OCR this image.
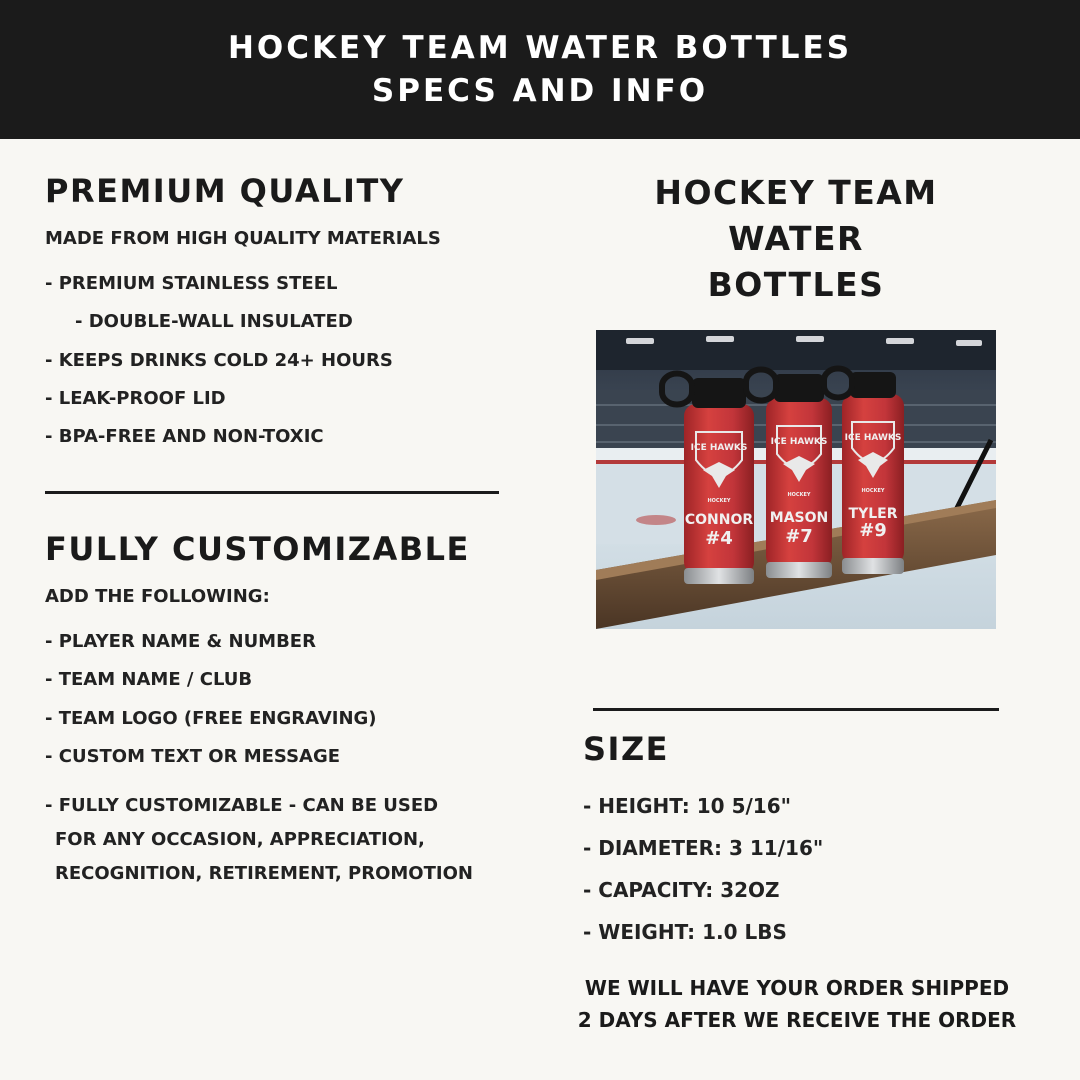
HOCKEY TEAM WATER BOTTLES
SPECS AND INFO
PREMIUM QUALITY
MADE FROM HIGH QUALITY MATERIALS
- PREMIUM STAINLESS STEEL
- DOUBLE-WALL INSULATED
- KEEPS DRINKS COLD 24+ HOURS
- LEAK-PROOF LID
- BPA-FREE AND NON-TOXIC
FULLY CUSTOMIZABLE
ADD THE FOLLOWING:
- PLAYER NAME & NUMBER
- TEAM NAME / CLUB
- TEAM LOGO (FREE ENGRAVING)
- CUSTOM TEXT OR MESSAGE
- FULLY CUSTOMIZABLE - CAN BE USED
FOR ANY OCCASION, APPRECIATION,
RECOGNITION, RETIREMENT, PROMOTION
HOCKEY TEAM WATER
BOTTLES
ICE HAWKS
HOCKEY
CONNOR
#4
ICE HAWKS
HOCKEY
MASON
#7
ICE HAWKS
HOCKEY
TYLER
#9
SIZE
- HEIGHT: 10 5/16"
- DIAMETER: 3 11/16"
- CAPACITY: 32OZ
- WEIGHT: 1.0 LBS
WE WILL HAVE YOUR ORDER SHIPPED
2 DAYS AFTER WE RECEIVE THE ORDER
